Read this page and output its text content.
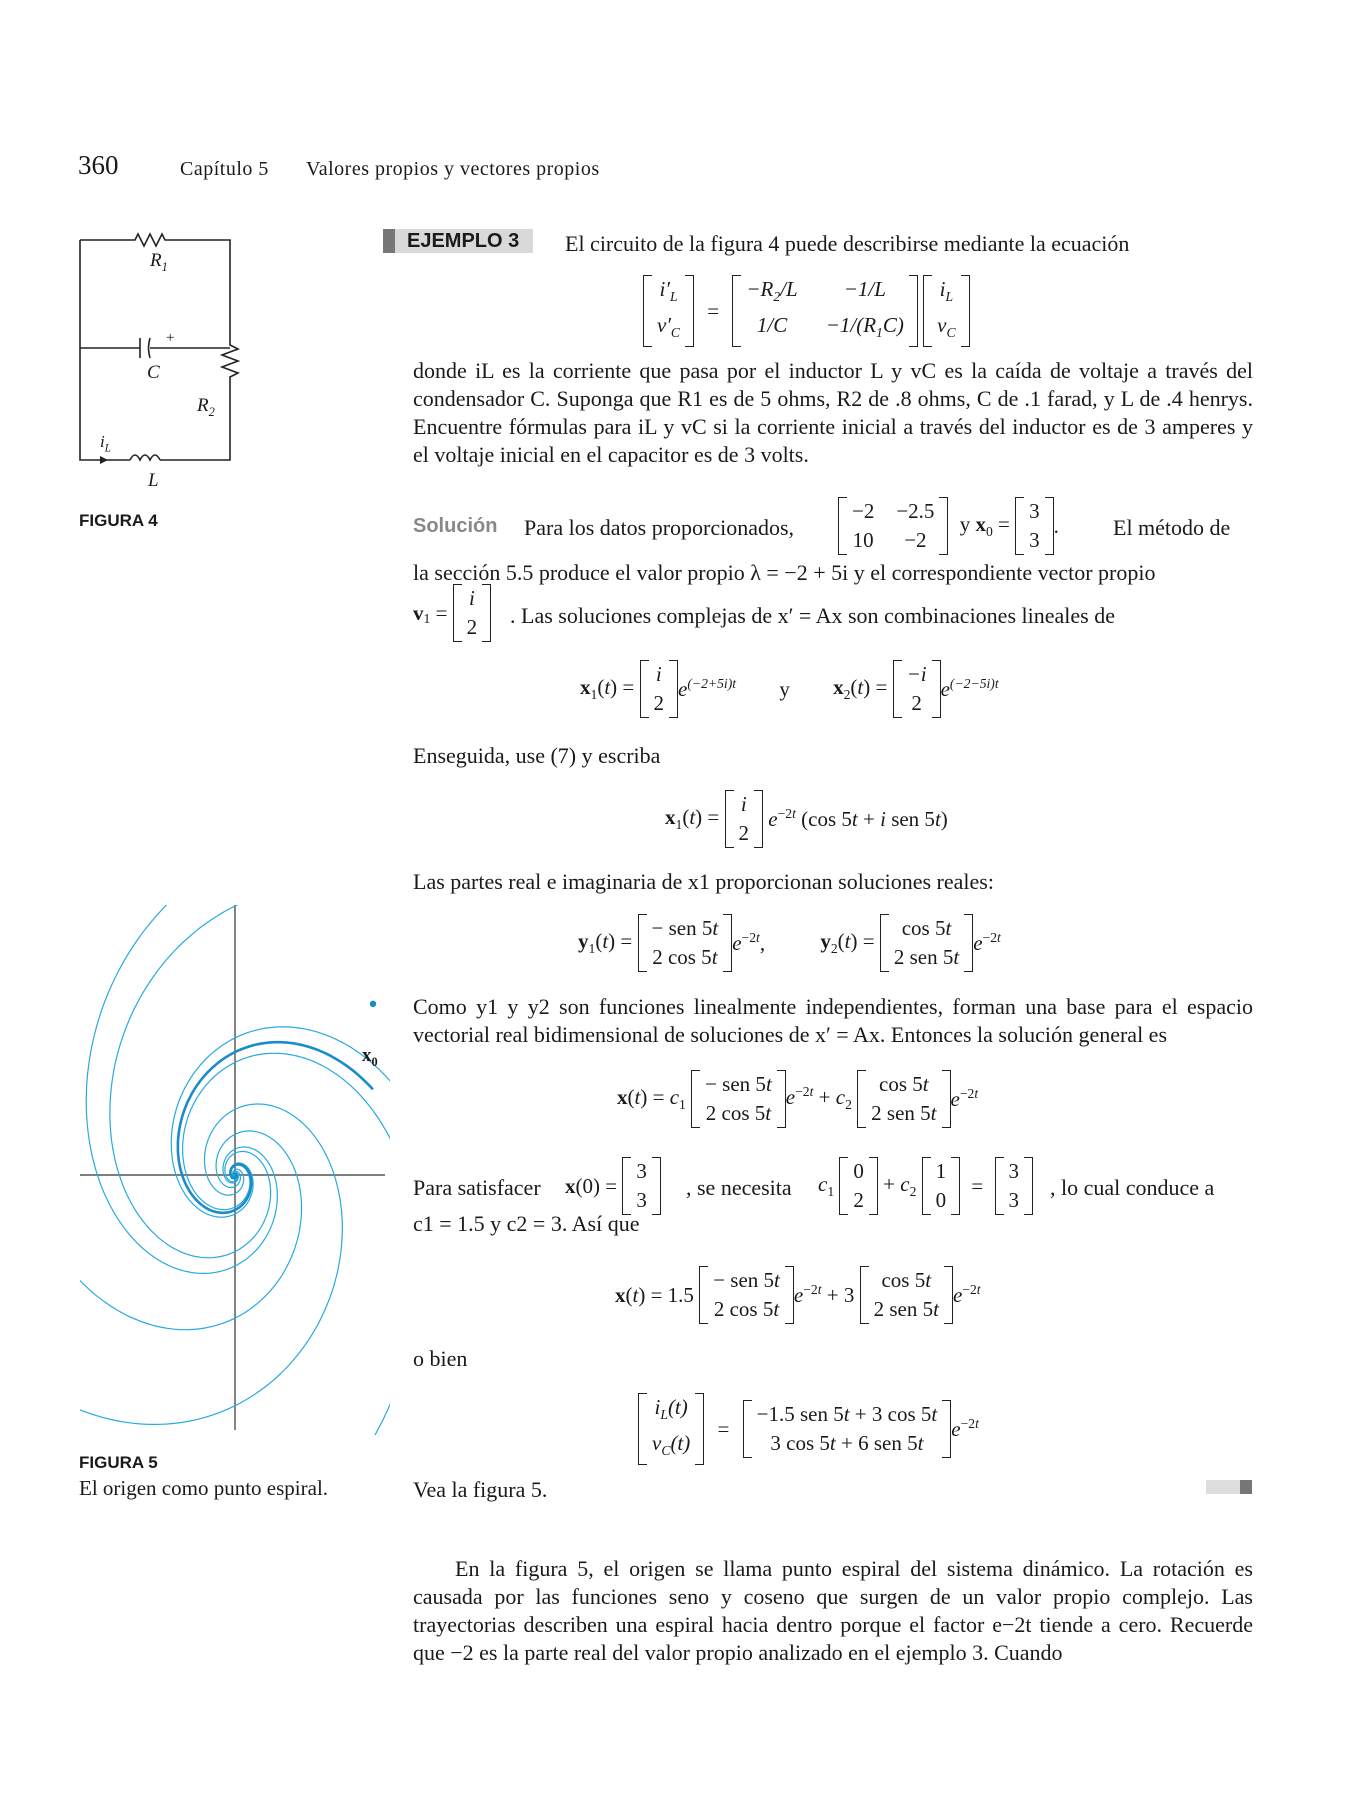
360	Capítulo 5 Valores propios y vectores propios
$R_1$
+
C
$R_2$
$i_L$
L
FIGURA 4
$x_0$
FIGURA 5
El origen como punto espiral.
EJEMPLO 3	El circuito de la figura 4 puede describirse mediante la ecuación
$i'_L$
$v'_C$
=
$-R_2/L$	−1/L
1/C	$-1/(R_1C)$

$i_L$
$v_C$
donde iL es la corriente que pasa por el inductor L y vC es la caída de voltaje a través del condensador C. Suponga que R1 es de 5 ohms, R2 de .8 ohms, C de .1 farad, y L de .4 henrys. Encuentre fórmulas para iL y vC si la corriente inicial a través del inductor es de 3 amperes y el voltaje inicial en el capacitor es de 3 volts.
Solución Para los datos proporcionados,
−2 −2.5
10	−2
y $x_0$ =
3
3
. El método de
la sección 5.5 produce el valor propio λ = −2 + 5i y el correspondiente vector propio
$v_1$ =
i
2 . Las soluciones complejas de x′ = Ax son combinaciones lineales de
$x_1(t)$ =
i
2
$e^{(-2+5i)t}$ y $x_2(t)$ =
−i
2
$e^{(-2-5i)t}$
Enseguida, use (7) y escriba
$x_1(t)$ =
i
2
$e^{-2t}$ (cos 5t + i sen 5t)
Las partes real e imaginaria de x1 proporcionan soluciones reales:
$y_1(t)$ =
− sen 5t
2 cos 5t
$e^{-2t}$,	$y_2(t)$ =
cos 5t
2 sen 5t
$e^{-2t}$
Como y1 y y2 son funciones linealmente independientes, forman una base para el espacio vectorial real bidimensional de soluciones de x′ = Ax. Entonces la solución general es
$x(t) = c_1$
− sen 5t
2 cos 5t
$e^{-2t} + c_2$
cos 5t
2 sen 5t
$e^{-2t}$
Para satisfacer x(0) =
3
3 , se necesita $c_1$
0
2
+ $c_2$
1
0
=
3
3 , lo cual conduce a
c1 = 1.5 y c2 = 3. Así que
x(t) = 1.5
− sen 5t
2 cos 5t
$e^{-2t} + 3$
cos 5t
2 sen 5t
$e^{-2t}$
o bien
$i_L(t)$
$v_C(t)$
=
−1.5 sen 5t + 3 cos 5t
3 cos 5t + 6 sen 5t
$e^{-2t}$
Vea la figura 5.
En la figura 5, el origen se llama punto espiral del sistema dinámico. La rotación es causada por las funciones seno y coseno que surgen de un valor propio complejo. Las trayectorias describen una espiral hacia dentro porque el factor e−2t tiende a cero. Recuerde que −2 es la parte real del valor propio analizado en el ejemplo 3. Cuando
